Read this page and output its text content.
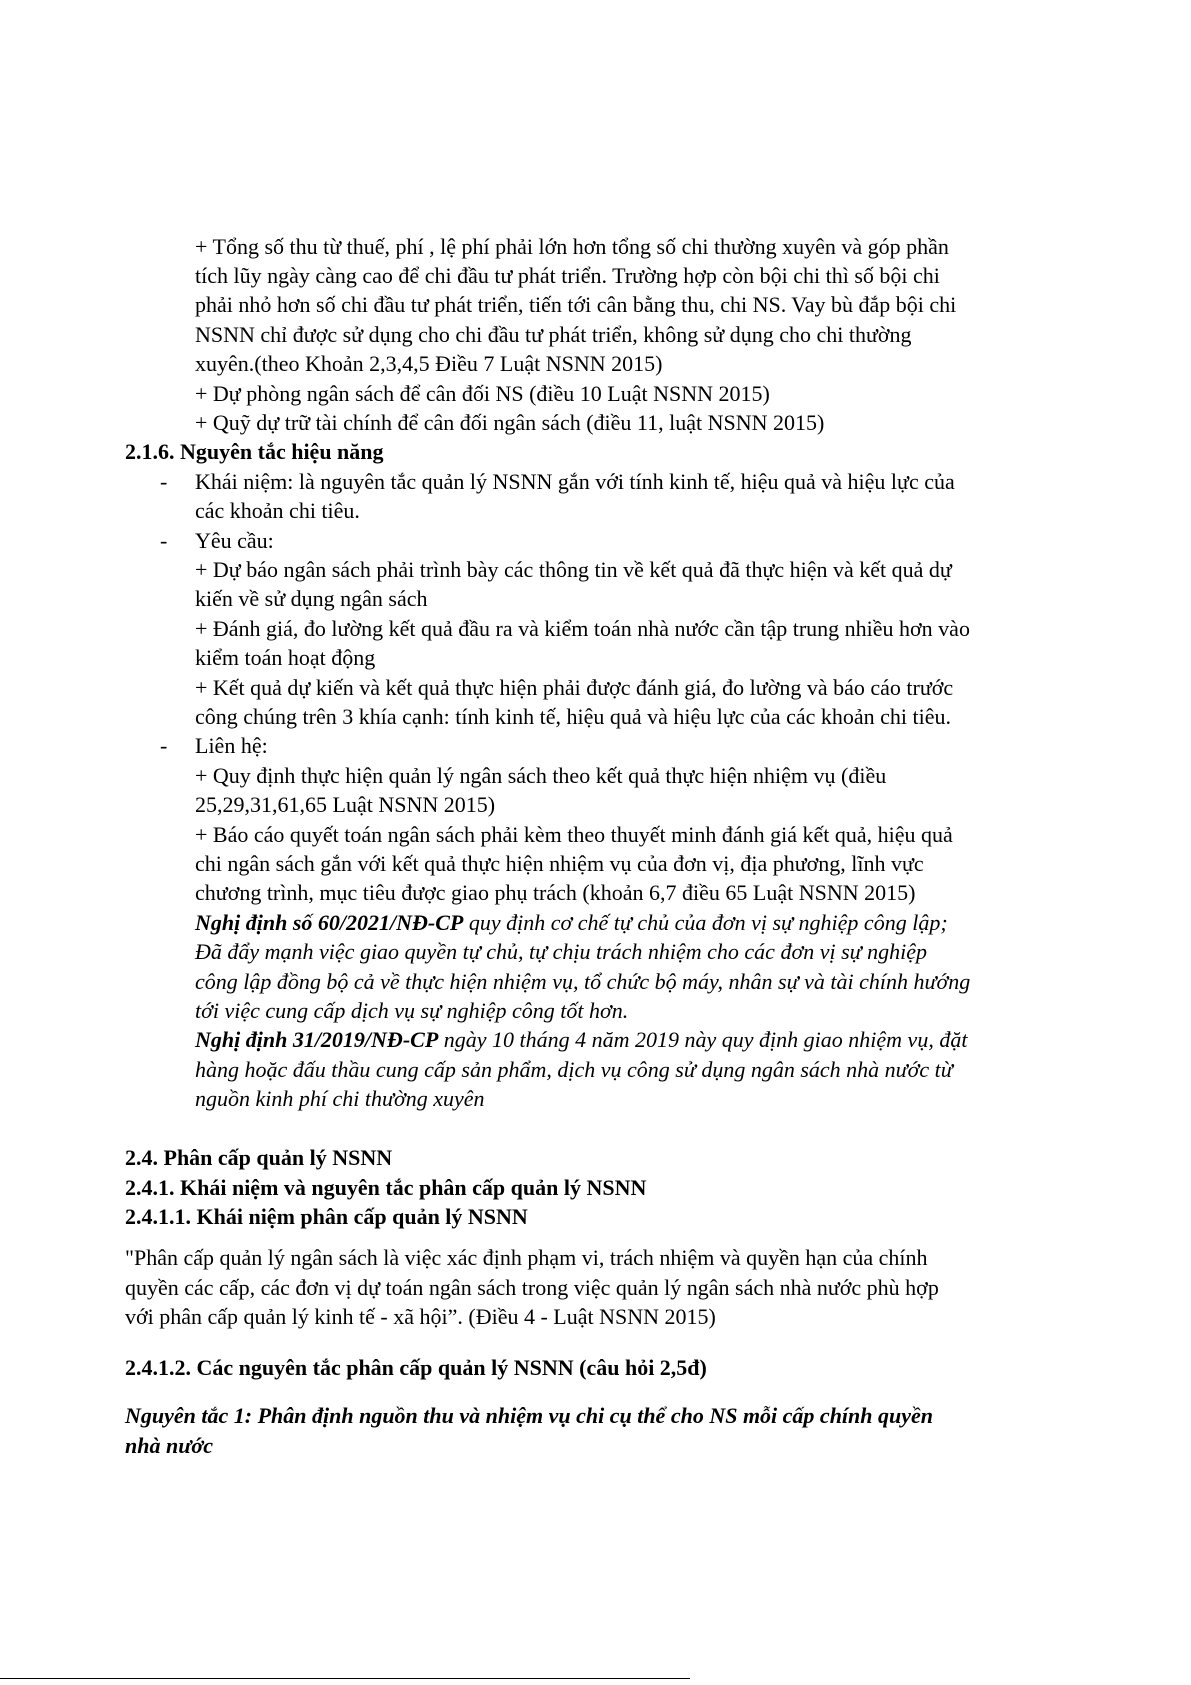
+ Tổng số thu từ thuế, phí , lệ phí phải lớn hơn tổng số chi thường xuyên và góp phần
tích lũy ngày càng cao để chi đầu tư phát triển. Trường hợp còn bội chi thì số bội chi
phải nhỏ hơn số chi đầu tư phát triển, tiến tới cân bằng thu, chi NS. Vay bù đắp bội chi
NSNN chỉ được sử dụng cho chi đầu tư phát triển, không sử dụng cho chi thường
xuyên.(theo Khoản 2,3,4,5 Điều 7 Luật NSNN 2015)
+ Dự phòng ngân sách để cân đối NS (điều 10 Luật NSNN 2015)
+ Quỹ dự trữ tài chính để cân đối ngân sách (điều 11, luật NSNN 2015)
2.1.6. Nguyên tắc hiệu năng
- Khái niệm: là nguyên tắc quản lý NSNN gắn với tính kinh tế, hiệu quả và hiệu lực của
các khoản chi tiêu.
- Yêu cầu:
+ Dự báo ngân sách phải trình bày các thông tin về kết quả đã thực hiện và kết quả dự
kiến về sử dụng ngân sách
+ Đánh giá, đo lường kết quả đầu ra và kiểm toán nhà nước cần tập trung nhiều hơn vào
kiểm toán hoạt động
+ Kết quả dự kiến và kết quả thực hiện phải được đánh giá, đo lường và báo cáo trước
công chúng trên 3 khía cạnh: tính kinh tế, hiệu quả và hiệu lực của các khoản chi tiêu.
- Liên hệ:
+ Quy định thực hiện quản lý ngân sách theo kết quả thực hiện nhiệm vụ (điều
25,29,31,61,65 Luật NSNN 2015)
+ Báo cáo quyết toán ngân sách phải kèm theo thuyết minh đánh giá kết quả, hiệu quả
chi ngân sách gắn với kết quả thực hiện nhiệm vụ của đơn vị, địa phương, lĩnh vực
chương trình, mục tiêu được giao phụ trách (khoản 6,7 điều 65 Luật NSNN 2015)
Nghị định số 60/2021/NĐ-CP quy định cơ chế tự chủ của đơn vị sự nghiệp công lập;
Đã đẩy mạnh việc giao quyền tự chủ, tự chịu trách nhiệm cho các đơn vị sự nghiệp
công lập đồng bộ cả về thực hiện nhiệm vụ, tổ chức bộ máy, nhân sự và tài chính hướng
tới việc cung cấp dịch vụ sự nghiệp công tốt hơn.
Nghị định 31/2019/NĐ-CP ngày 10 tháng 4 năm 2019 này quy định giao nhiệm vụ, đặt
hàng hoặc đấu thầu cung cấp sản phẩm, dịch vụ công sử dụng ngân sách nhà nước từ
nguồn kinh phí chi thường xuyên
2.4. Phân cấp quản lý NSNN
2.4.1. Khái niệm và nguyên tắc phân cấp quản lý NSNN
2.4.1.1. Khái niệm phân cấp quản lý NSNN
"Phân cấp quản lý ngân sách là việc xác định phạm vi, trách nhiệm và quyền hạn của chính
quyền các cấp, các đơn vị dự toán ngân sách trong việc quản lý ngân sách nhà nước phù hợp
với phân cấp quản lý kinh tế - xã hội”. (Điều 4 - Luật NSNN 2015)
2.4.1.2. Các nguyên tắc phân cấp quản lý NSNN (câu hỏi 2,5đ)
Nguyên tắc 1: Phân định nguồn thu và nhiệm vụ chi cụ thể cho NS mỗi cấp chính quyền
nhà nước
